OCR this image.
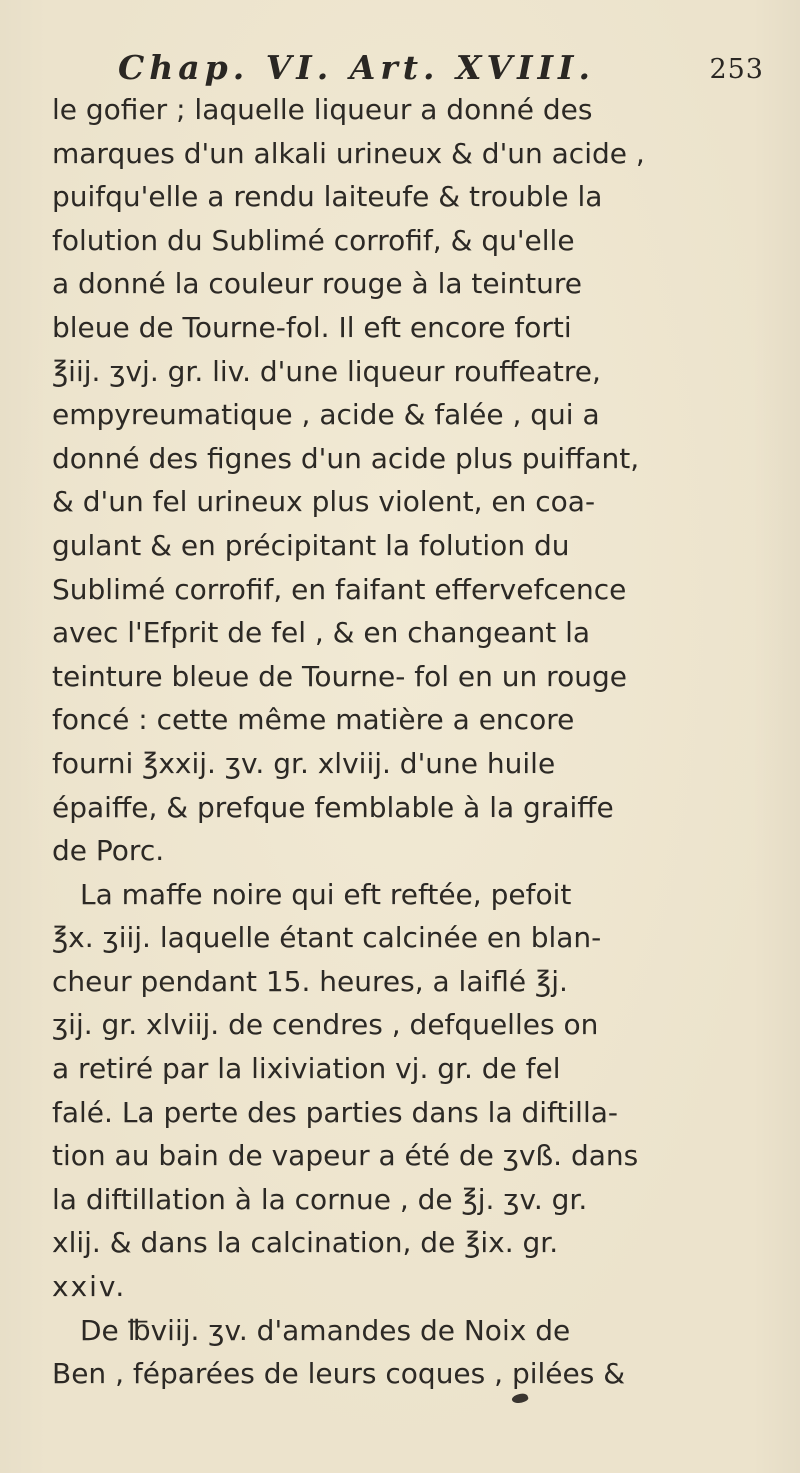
Chap. VI. Art. XVIII.	253
le gofier ; laquelle liqueur a donné des
marques d'un alkali urineux & d'un acide ,
puifqu'elle a rendu laiteufe & trouble la
folution du Sublimé corrofif, & qu'elle
a donné la couleur rouge à la teinture
bleue de Tourne-fol. Il eft encore forti
℥iij. ʒvj. gr. liv. d'une liqueur rouffeatre,
empyreumatique , acide & falée , qui a
donné des fignes d'un acide plus puiffant,
& d'un fel urineux plus violent, en coa-
gulant & en précipitant la folution du
Sublimé corrofif, en faifant effervefcence
avec l'Efprit de fel , & en changeant la
teinture bleue de Tourne- fol en un rouge
foncé : cette même matière a encore
fourni ℥xxij. ʒv. gr. xlviij. d'une huile
épaiffe, & prefque femblable à la graiffe
de Porc.
La maffe noire qui eft reftée, pefoit
℥x. ʒiij. laquelle étant calcinée en blan-
cheur pendant 15. heures, a laiflé ℥j.
ʒij. gr. xlviij. de cendres , defquelles on
a retiré par la lixiviation vj. gr. de fel
falé. La perte des parties dans la diftilla-
tion au bain de vapeur a été de ʒvß. dans
la diftillation à la cornue , de ℥j. ʒv. gr.
xlij. & dans la calcination, de ℥ix. gr.
xxiv.
De ℔viij. ʒv. d'amandes de Noix de
Ben , féparées de leurs coques , pilées &
